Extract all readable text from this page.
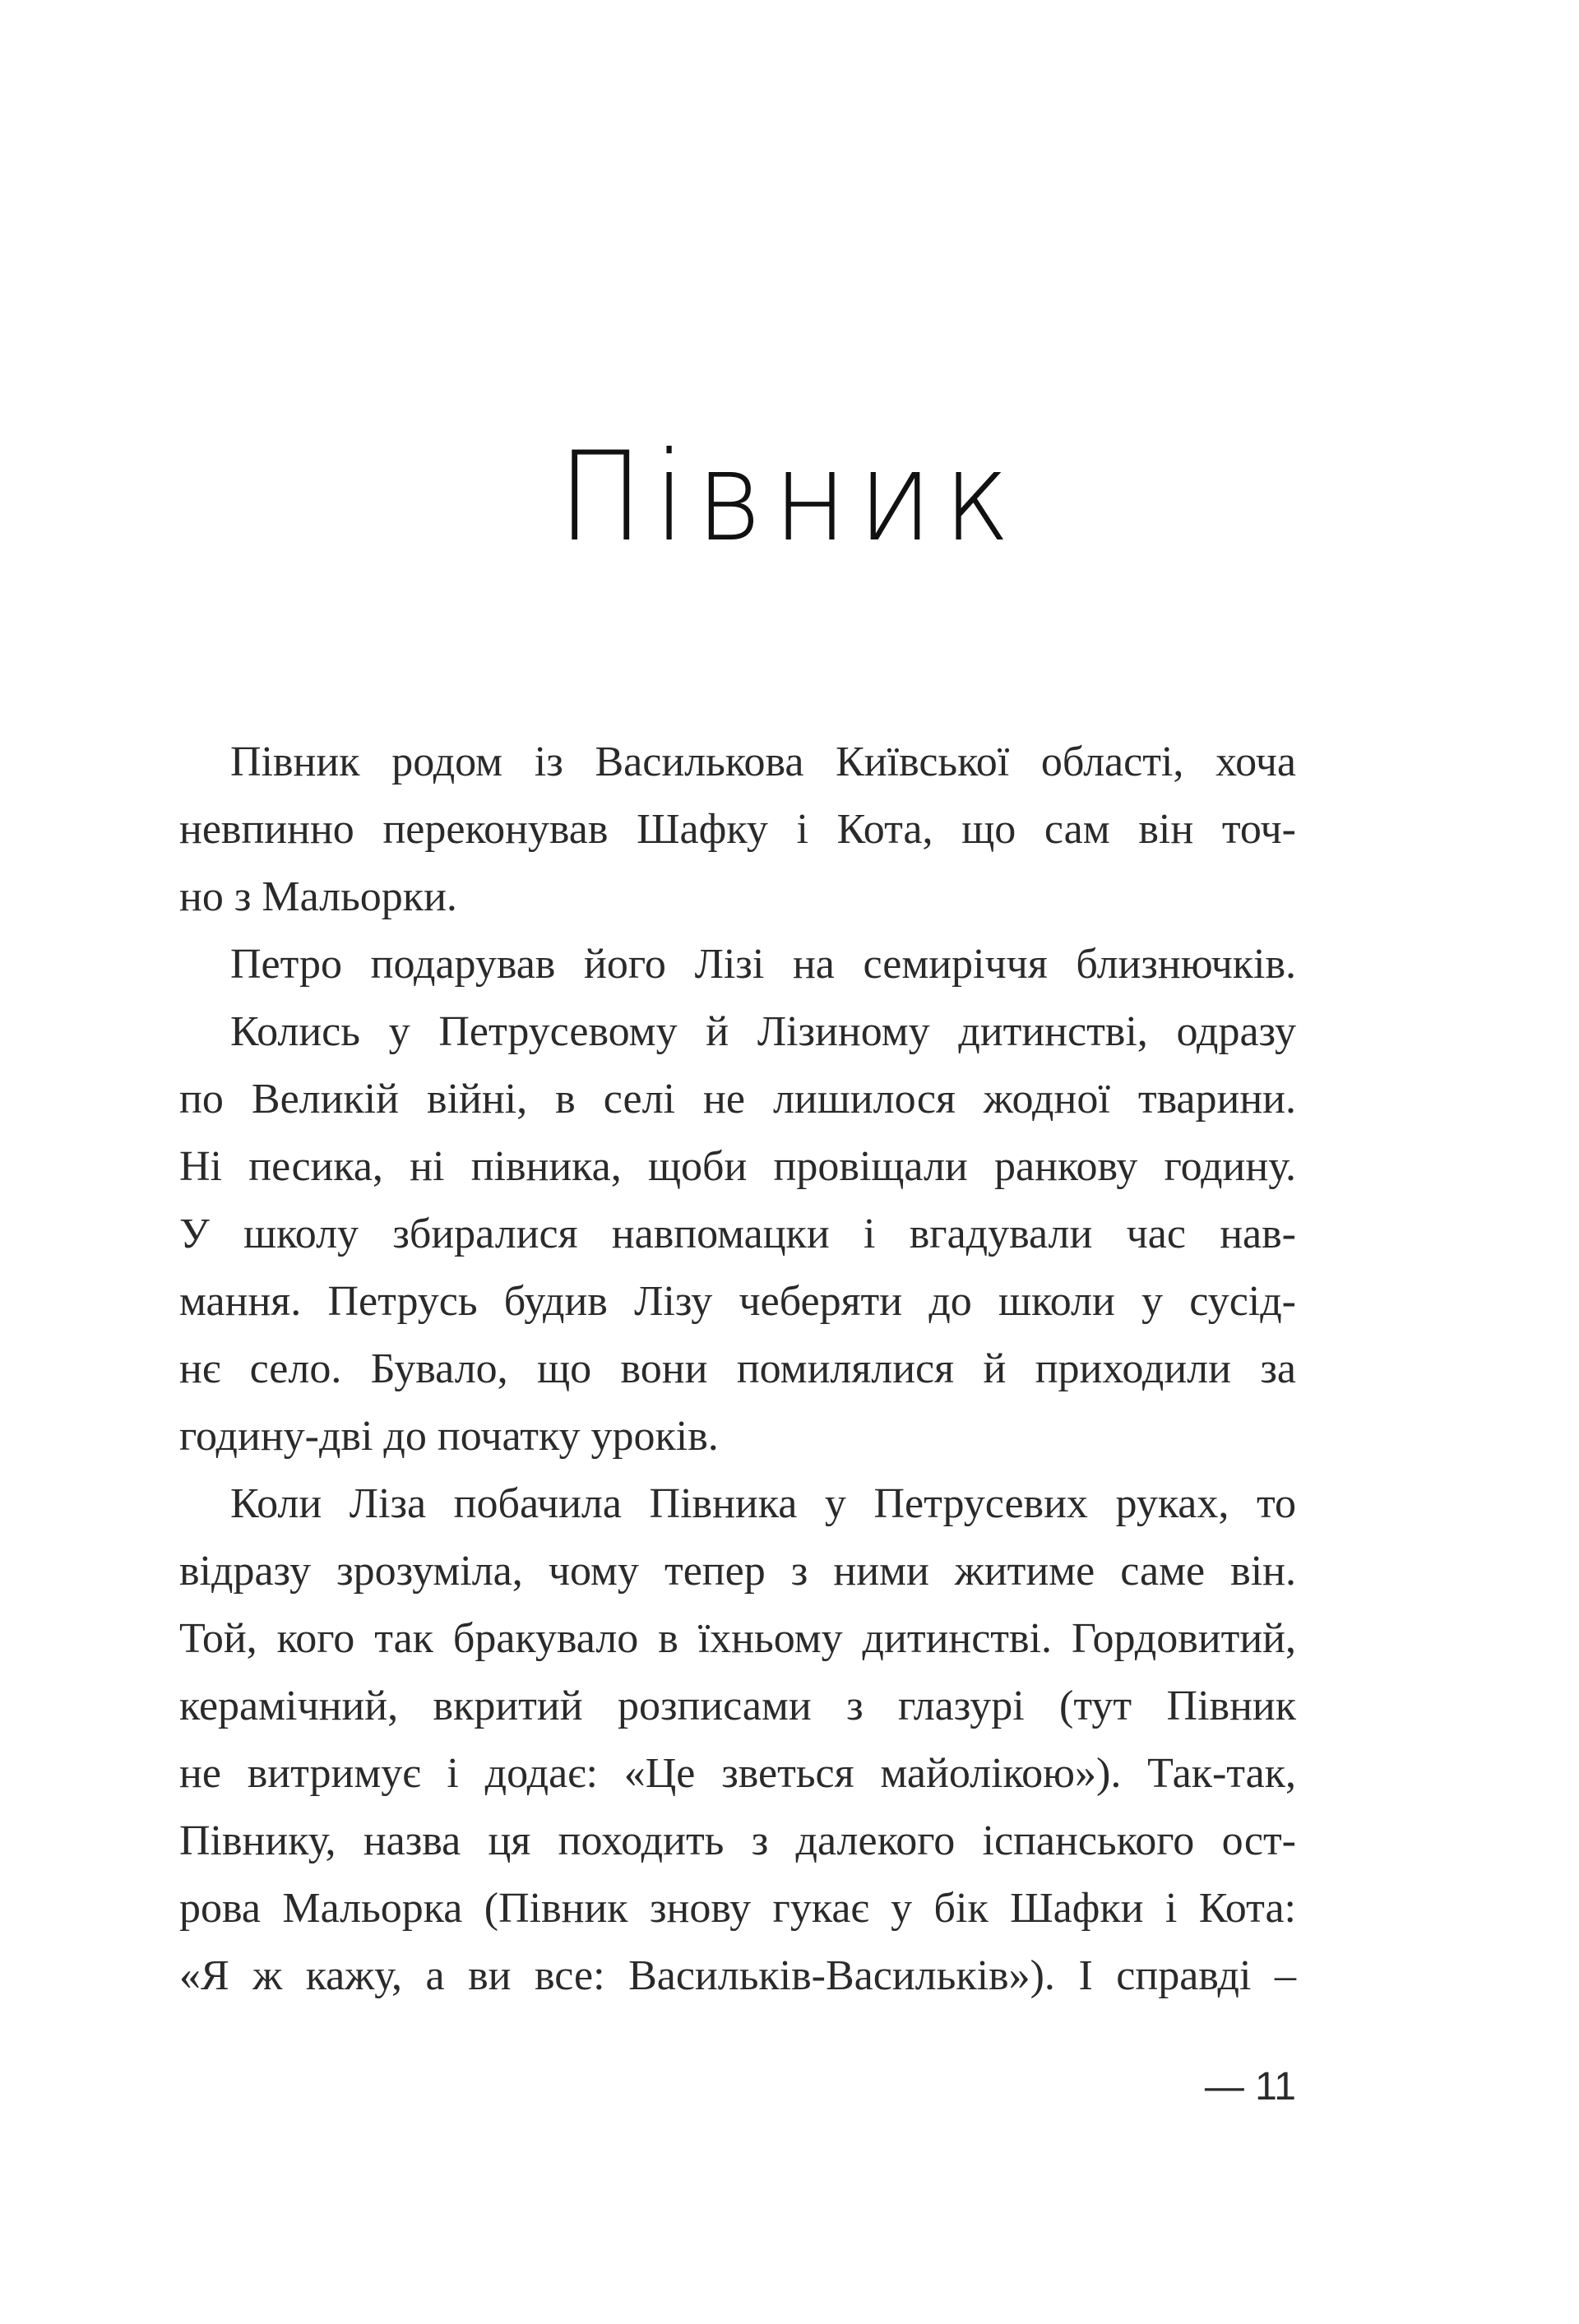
Півник
Півник родом із Василькова Київської області, хоча
невпинно переконував Шафку і Кота, що сам він точ-
но з Мальорки.
Петро подарував його Лізі на семиріччя близнючків.
Колись у Петрусевому й Лізиному дитинстві, одразу
по Великій війні, в селі не лишилося жодної тварини.
Ні песика, ні півника, щоби провіщали ранкову годину.
У школу збиралися навпомацки і вгадували час нав-
мання. Петрусь будив Лізу чеберяти до школи у сусід-
нє село. Бувало, що вони помилялися й приходили за
годину-дві до початку уроків.
Коли Ліза побачила Півника у Петрусевих руках, то
відразу зрозуміла, чому тепер з ними житиме саме він.
Той, кого так бракувало в їхньому дитинстві. Гордовитий,
керамічний, вкритий розписами з глазурі (тут Півник
не витримує і додає: «Це зветься майолікою»). Так-так,
Півнику, назва ця походить з далекого іспанського ост-
рова Мальорка (Півник знову гукає у бік Шафки і Кота:
«Я ж кажу, а ви все: Васильків-Васильків»). І справді –
— 11
